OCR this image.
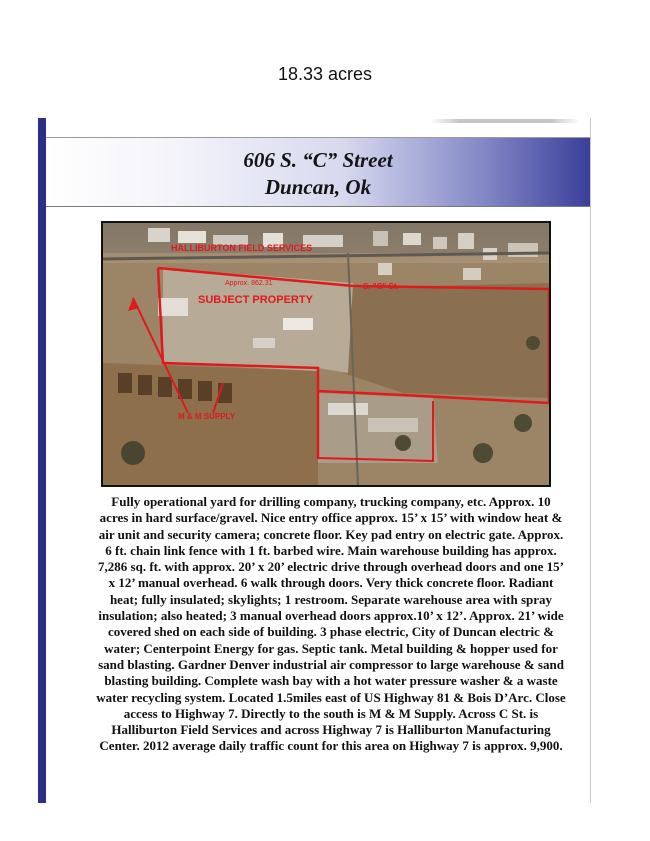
18.33 acres
606 S. “C” Street
Duncan, Ok
HALLIBURTON FIELD SERVICES
Approx. 862.31	S. "C" St.
SUBJECT PROPERTY
M & M SUPPLY
Fully operational yard for drilling company, trucking company, etc. Approx. 10 acres in hard surface/gravel. Nice entry office approx. 15’ x 15’ with window heat & air unit and security camera; concrete floor. Key pad entry on electric gate. Approx. 6 ft. chain link fence with 1 ft. barbed wire. Main warehouse building has approx. 7,286 sq. ft. with approx. 20’ x 20’ electric drive through overhead doors and one 15’ x 12’ manual overhead. 6 walk through doors. Very thick concrete floor. Radiant heat; fully insulated; skylights; 1 restroom. Separate warehouse area with spray insulation; also heated; 3 manual overhead doors approx.10’ x 12’. Approx. 21’ wide covered shed on each side of building. 3 phase electric, City of Duncan electric & water; Centerpoint Energy for gas. Septic tank. Metal building & hopper used for sand blasting. Gardner Denver industrial air compressor to large warehouse & sand blasting building. Complete wash bay with a hot water pressure washer & a waste water recycling system. Located 1.5miles east of US Highway 81 & Bois D’Arc. Close access to Highway 7. Directly to the south is M & M Supply. Across C St. is Halliburton Field Services and across Highway 7 is Halliburton Manufacturing Center. 2012 average daily traffic count for this area on Highway 7 is approx. 9,900.
